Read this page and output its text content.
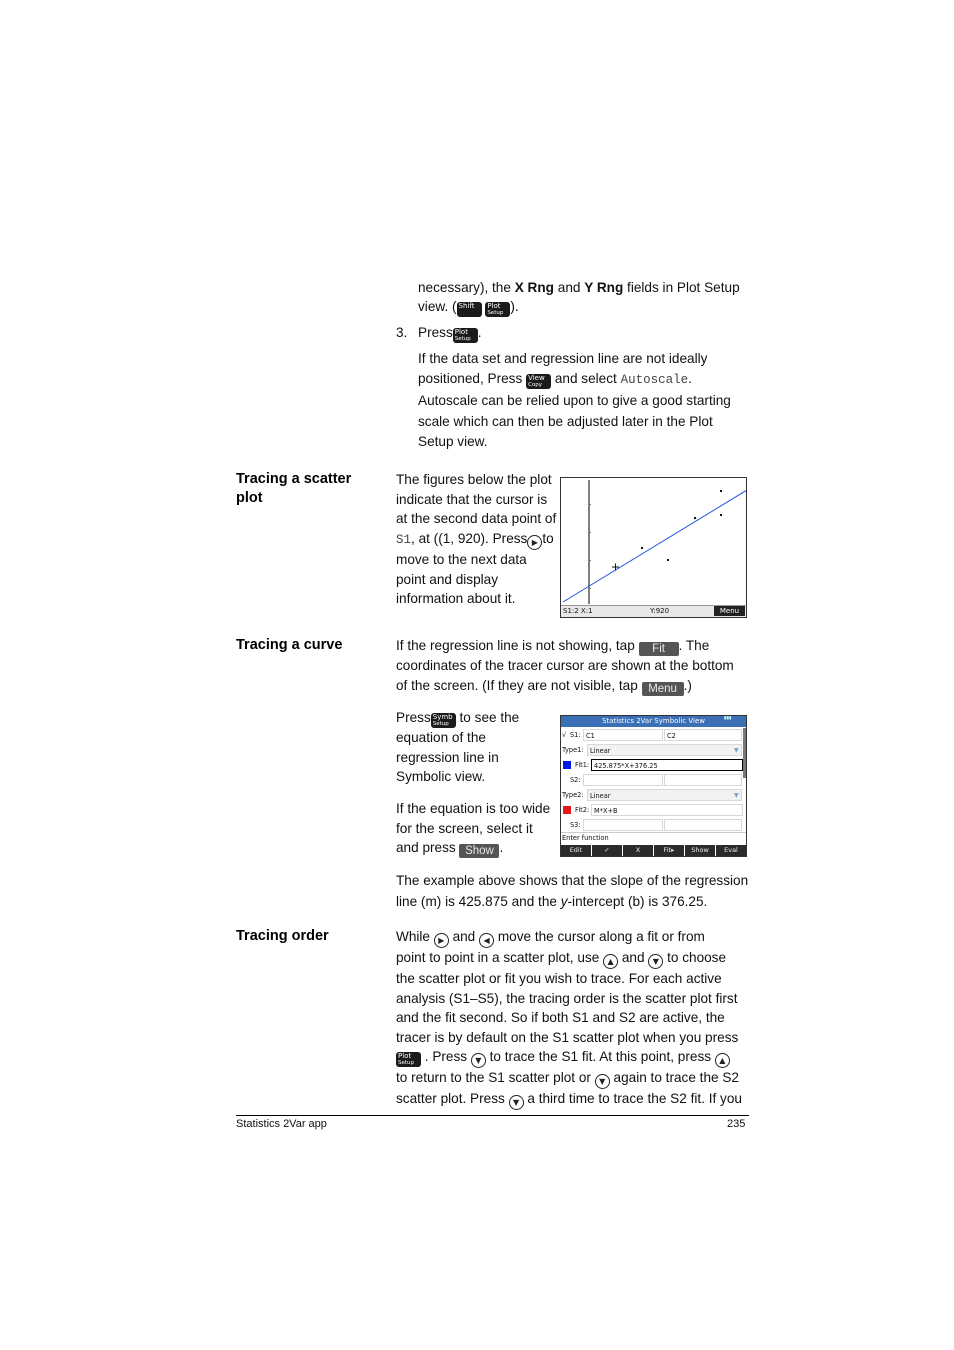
necessary), the X Rng and Y Rng fields in Plot Setup
view. ( Shift
Plot
Setup ).
3. Press Plot
Setup .
If the data set and regression line are not ideally
positioned, Press View
Copy and select Autoscale.
Autoscale can be relied upon to give a good starting
scale which can then be adjusted later in the Plot
Setup view.
Tracing a scatter
plot
The figures below the plot
indicate that the cursor is
at the second data point of
S1, at ((1, 920). Press ▶ to
move to the next data
point and display
information about it.
S1:2 X:1	Y:920	Menu
Tracing a curve	If the regression line is not showing, tap Fit . The
coordinates of the tracer cursor are shown at the bottom
of the screen. (If they are not visible, tap Menu .)
Press Symb
Setup to see the
equation of the
regression line in
Symbolic view.
If the equation is too wide
for the screen, select it
and press Show .
Statistics 2Var Symbolic View	▮▮▮
√ S1: C1	C2
Type1: Linear	▼
Fit1: 425.875*X+376.25
S2:
Type2: Linear	▼
Fit2: M*X+B
S3:
Enter function
Edit	✓	X	Fit▸	Show	Eval
The example above shows that the slope of the regression
line (m) is 425.875 and the y-intercept (b) is 376.25.
Tracing order	While ▶ and ◀ move the cursor along a fit or from
point to point in a scatter plot, use ▲ and ▼ to choose
the scatter plot or fit you wish to trace. For each active
analysis (S1–S5), the tracing order is the scatter plot first
and the fit second. So if both S1 and S2 are active, the
tracer is by default on the S1 scatter plot when you press
Plot
Setup . Press ▼ to trace the S1 fit. At this point, press ▲
to return to the S1 scatter plot or ▼ again to trace the S2
scatter plot. Press ▼ a third time to trace the S2 fit. If you
Statistics 2Var app	235
